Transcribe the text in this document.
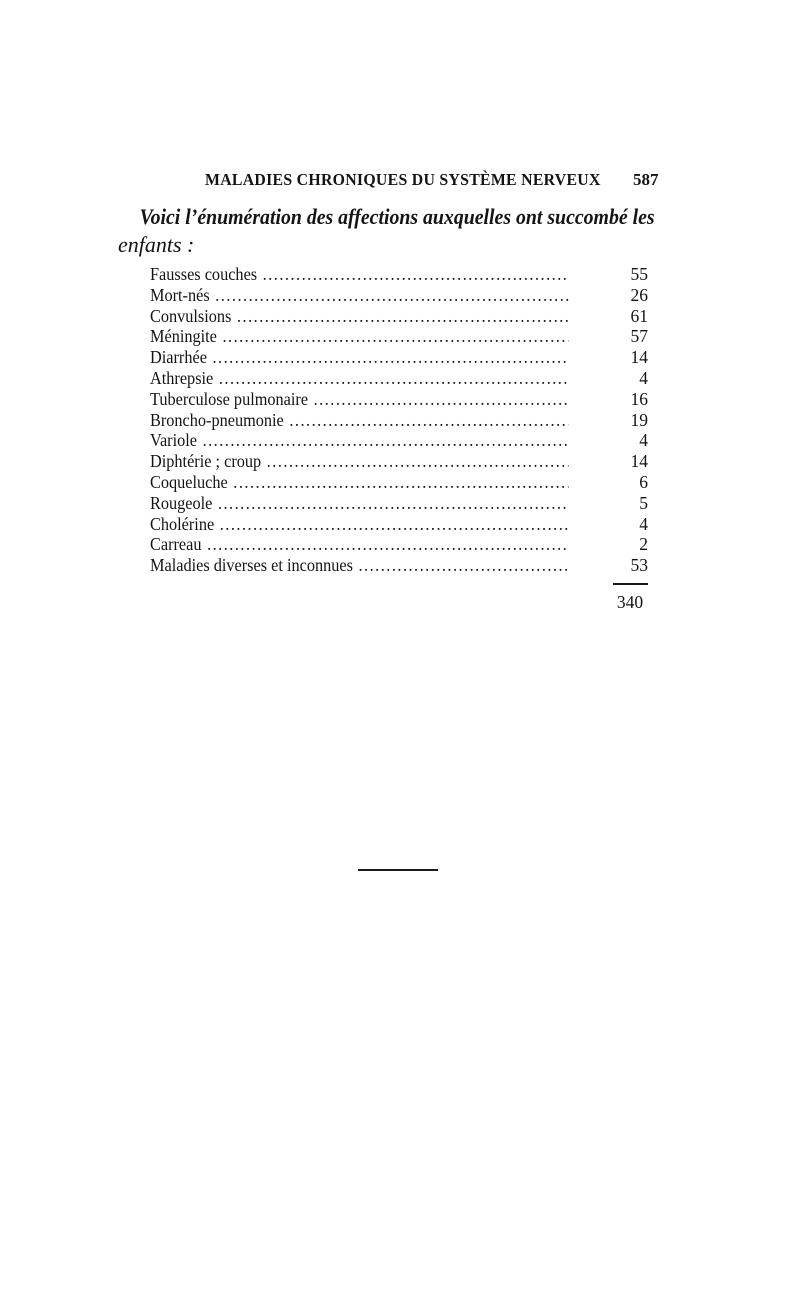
MALADIES CHRONIQUES DU SYSTÈME NERVEUX 587
Voici l’énumération des affections auxquelles ont succombé les
enfants :
Fausses couches .....	55
Mort-nés .....	26
Convulsions .....	61
Méningite .....	57
Diarrhée .....	14
Athrepsie .....	4
Tuberculose pulmonaire .....	16
Broncho-pneumonie .....	19
Variole .....	4
Diphtérie ; croup .....	14
Coqueluche .....	6
Rougeole .....	5
Cholérine .....	4
Carreau .....	2
Maladies diverses et inconnues .....	53
340
